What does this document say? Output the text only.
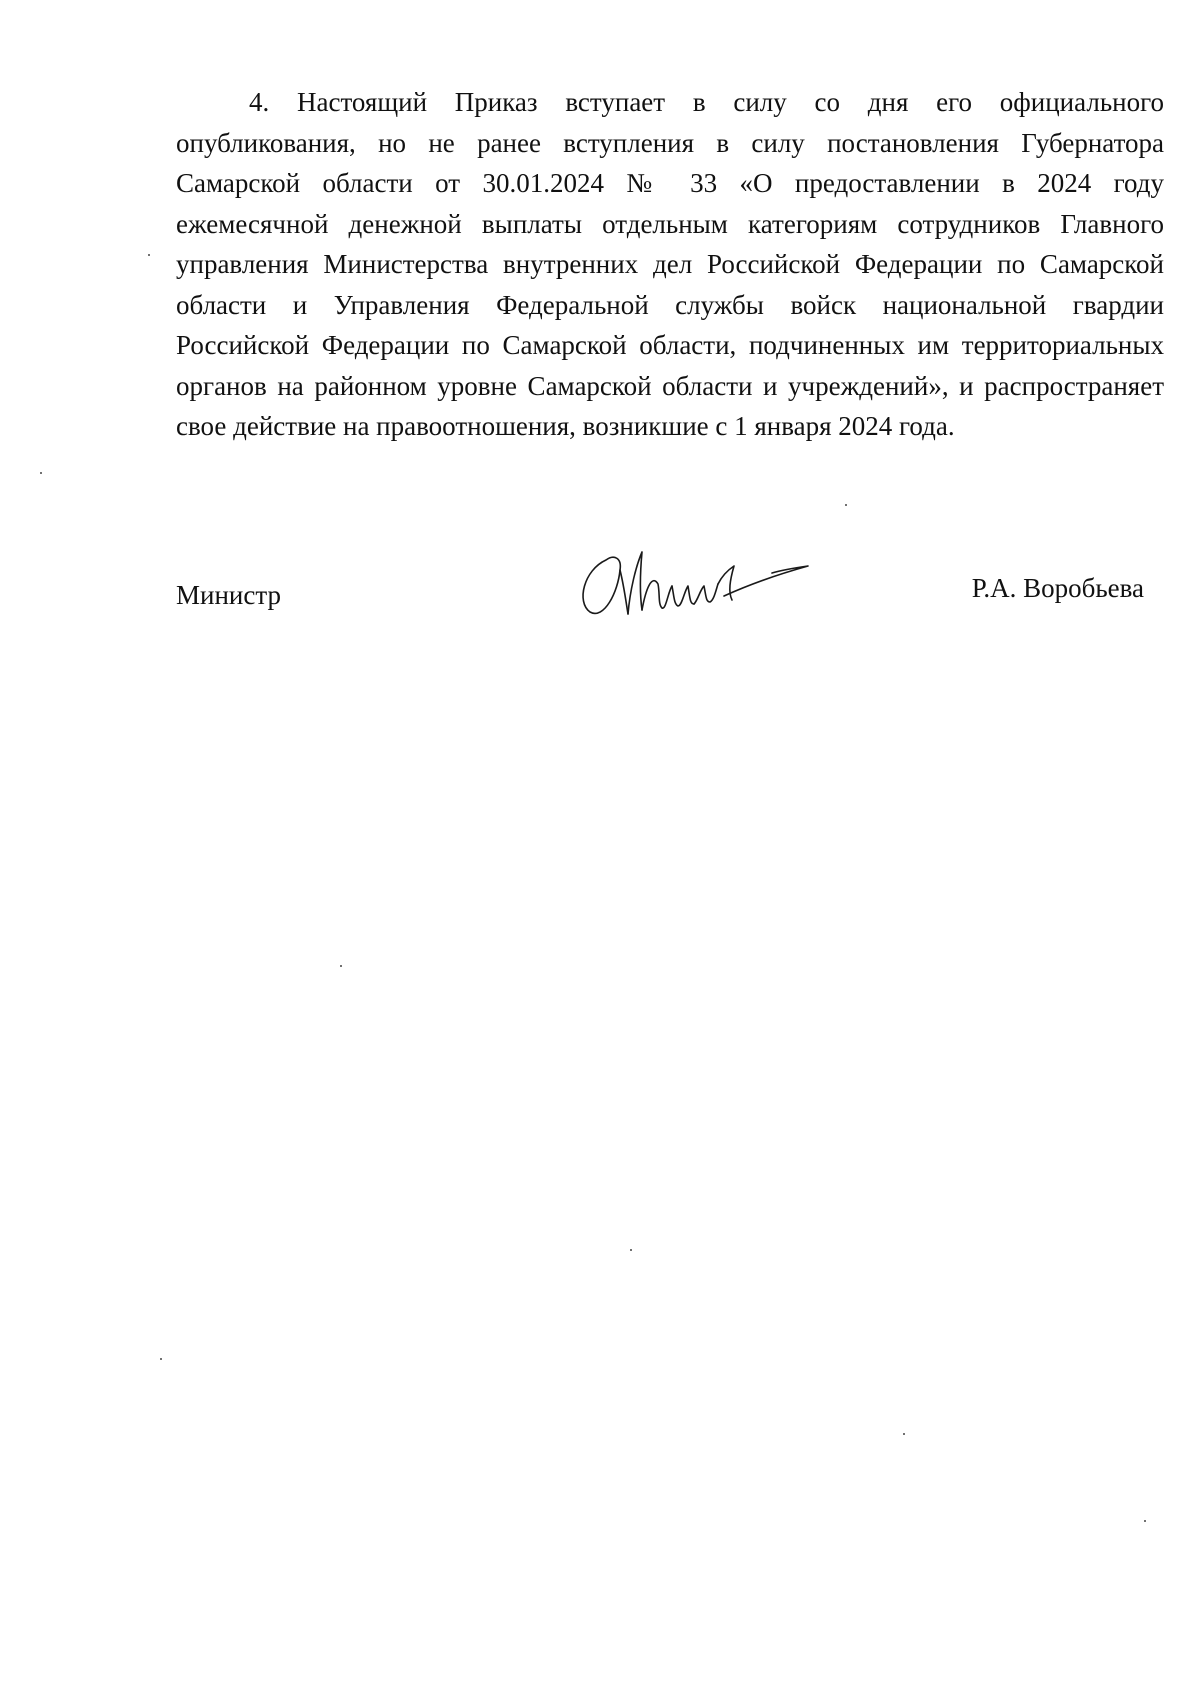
4. Настоящий Приказ вступает в силу со дня его официального
опубликования, но не ранее вступления в силу постановления Губернатора
Самарской области от 30.01.2024 № 33 «О предоставлении в 2024 году
ежемесячной денежной выплаты отдельным категориям сотрудников Главного
управления Министерства внутренних дел Российской Федерации по Самарской
области и Управления Федеральной службы войск национальной гвардии
Российской Федерации по Самарской области, подчиненных им территориальных
органов на районном уровне Самарской области и учреждений», и распространяет
свое действие на правоотношения, возникшие с 1 января 2024 года.
Министр	Р.А. Воробьева
